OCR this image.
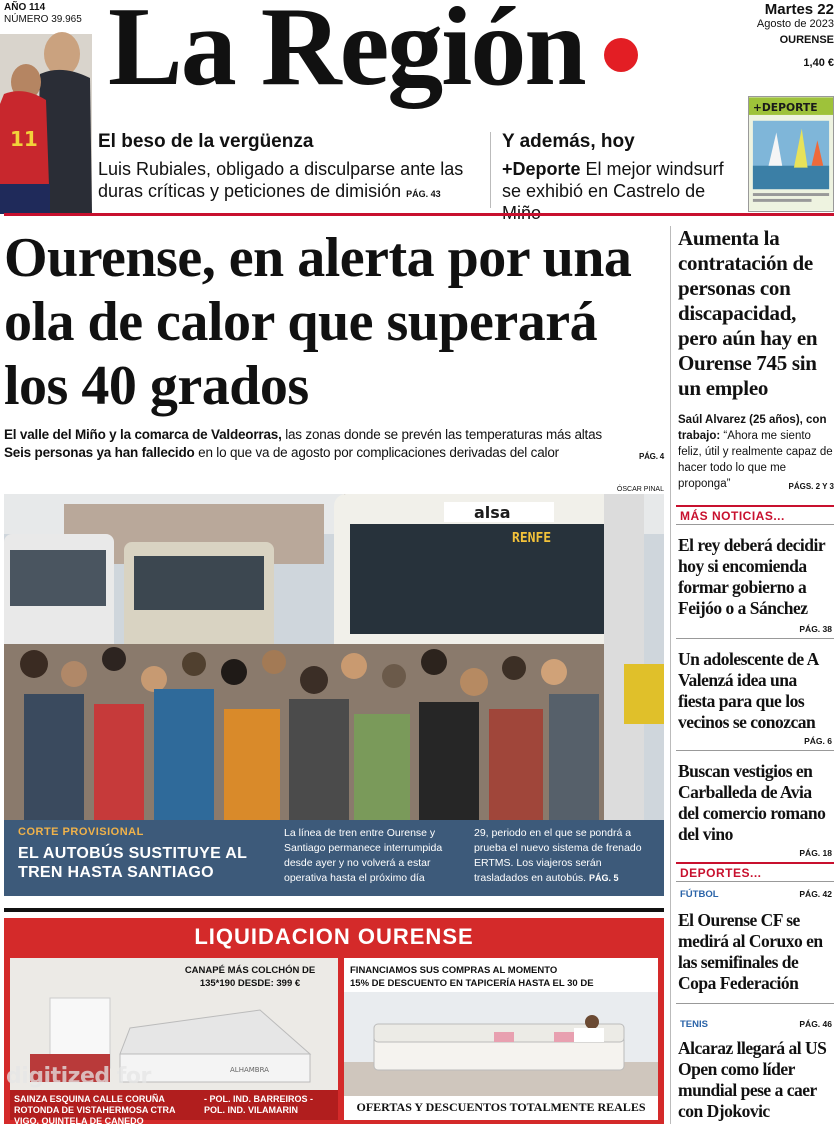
AÑO 114
NÚMERO 39.965 La Región	Martes 22
Agosto de 2023
OURENSE
1,40 €
11	El beso de la vergüenza
Luis Rubiales, obligado a disculparse ante las duras críticas y peticiones de dimisión PÁG. 43
Y además, hoy
+Deporte El mejor windsurf se exhibió en Castrelo de
+DEPORTE
Ourense, en alerta por una ola de calor que superará los 40 grados
El valle del Miño y la comarca de Valdeorras, las zonas donde se prevén las temperaturas más altas
Seis personas ya han fallecido en lo que va de agosto por complicaciones derivadas del calor	PÁG. 4
ÓSCAR PINAL
alsa
RENFE
CORTE PROVISIONAL
EL AUTOBÚS SUSTITUYE AL TREN HASTA SANTIAGO
La línea de tren entre Ourense y Santiago permanece interrumpida desde ayer y no volverá a estar operativa hasta el próximo día
29, periodo en el que se pondrá a prueba el nuevo sistema de frenado ERTMS. Los viajeros serán trasladados en autobús. PÁG. 5
LIQUIDACION OURENSE
ALHAMBRA
CANAPÉ MÁS COLCHÓN DE 135*190 DESDE: 399 €
SAINZA ESQUINA CALLE CORUÑA ROTONDA DE VISTAHERMOSA CTRA VIGO, QUINTELA DE CANEDO
- POL. IND. BARREIROS - POL. IND. VILAMARIN
FINANCIAMOS SUS COMPRAS AL MOMENTO
15% DE DESCUENTO EN TAPICERÍA HASTA EL 30 DE
OFERTAS Y DESCUENTOS TOTALMENTE REALES
digitized for
Aumenta la contratación de personas con discapacidad, pero aún hay en Ourense 745 sin un empleo
Saúl Alvarez (25 años), con trabajo: “Ahora me siento feliz, útil y realmente capaz de hacer todo lo que me proponga”	PÁGS. 2 Y 3
MÁS NOTICIAS...
El rey deberá decidir hoy si encomienda formar gobierno a Feijóo o a Sánchez
PÁG. 38
Un adolescente de A Valenzá idea una fiesta para que los vecinos se conozcan
PÁG. 6
Buscan vestigios en Carballeda de Avia del comercio romano del vino
PÁG. 18
DEPORTES...
FÚTBOL	PÁG. 42
El Ourense CF se medirá al Coruxo en las semifinales de Copa Federación
TENIS	PÁG. 46
Alcaraz llegará al US Open como líder mundial pese a caer con Djokovic
